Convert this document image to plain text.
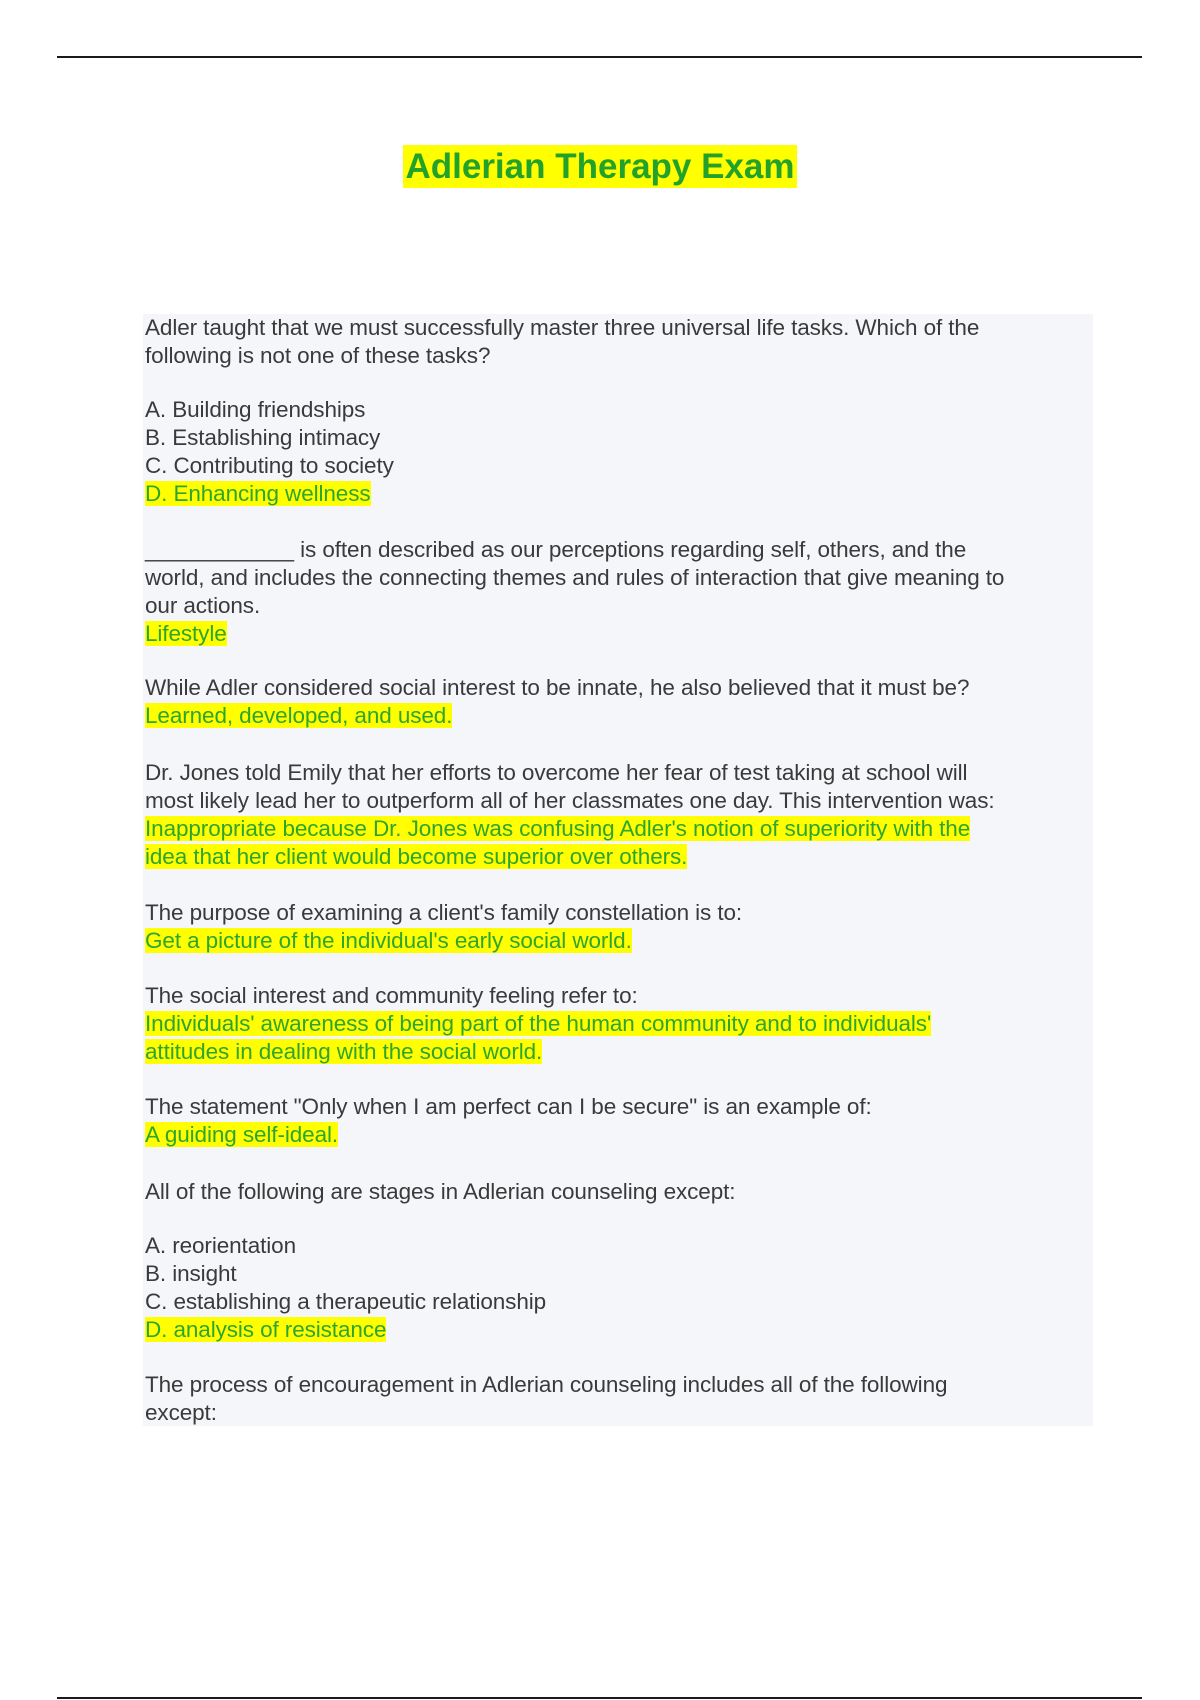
Adlerian Therapy Exam
Adler taught that we must successfully master three universal life tasks. Which of the
following is not one of these tasks?
A. Building friendships
B. Establishing intimacy
C. Contributing to society
D. Enhancing wellness
____________ is often described as our perceptions regarding self, others, and the
world, and includes the connecting themes and rules of interaction that give meaning to
our actions.
Lifestyle
While Adler considered social interest to be innate, he also believed that it must be?
Learned, developed, and used.
Dr. Jones told Emily that her efforts to overcome her fear of test taking at school will
most likely lead her to outperform all of her classmates one day. This intervention was:
Inappropriate because Dr. Jones was confusing Adler's notion of superiority with the
idea that her client would become superior over others.
The purpose of examining a client's family constellation is to:
Get a picture of the individual's early social world.
The social interest and community feeling refer to:
Individuals' awareness of being part of the human community and to individuals'
attitudes in dealing with the social world.
The statement "Only when I am perfect can I be secure" is an example of:
A guiding self-ideal.
All of the following are stages in Adlerian counseling except:
A. reorientation
B. insight
C. establishing a therapeutic relationship
D. analysis of resistance
The process of encouragement in Adlerian counseling includes all of the following
except:
